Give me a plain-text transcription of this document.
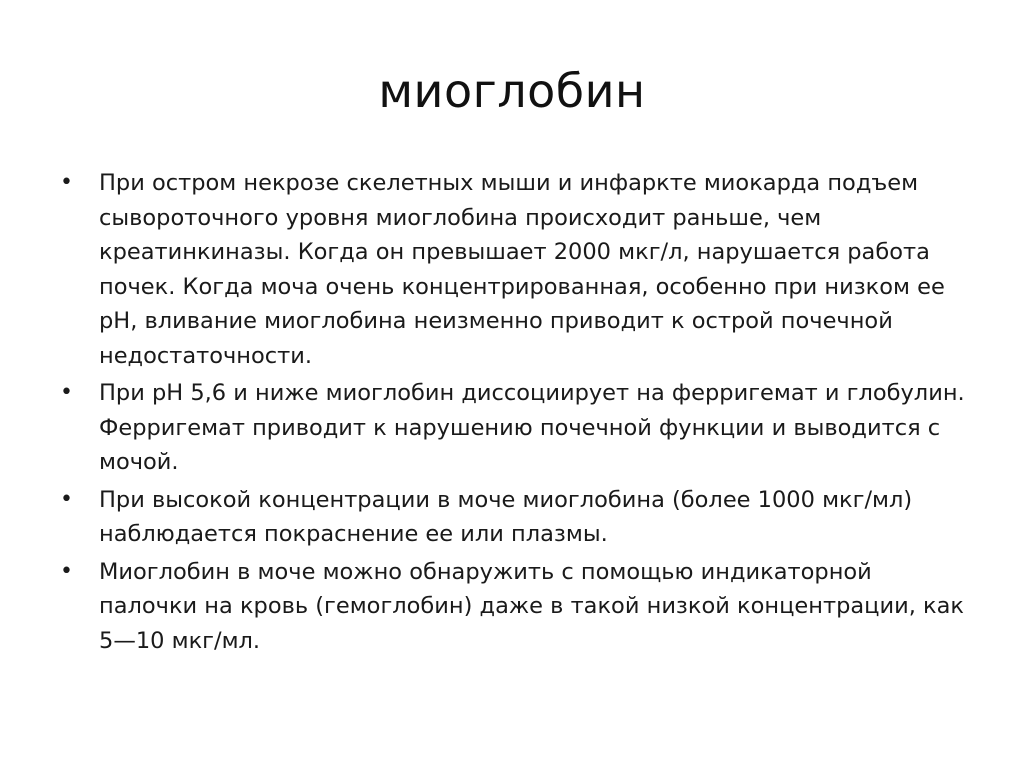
миоглобин
•	При остром некрозе скелетных мыши и инфаркте миокарда подъем сывороточного уровня миоглобина происходит раньше, чем креатинкиназы. Когда он превышает 2000 мкг/л, нарушается работа почек. Когда моча очень концентрированная, особенно при низком ее pH, вливание миоглобина неизменно приводит к острой почечной недостаточности.
•	При pH 5,6 и ниже миоглобин диссоциирует на ферригемат и глобулин. Ферригемат приводит к нарушению почечной функции и выводится с мочой.
•	При высокой концентрации в моче миоглобина (более 1000 мкг/мл) наблюдается покраснение ее или плазмы.
•	Миоглобин в моче можно обнаружить с помощью индикаторной палочки на кровь (гемоглобин) даже в такой низкой концентрации, как 5—10 мкг/мл.
